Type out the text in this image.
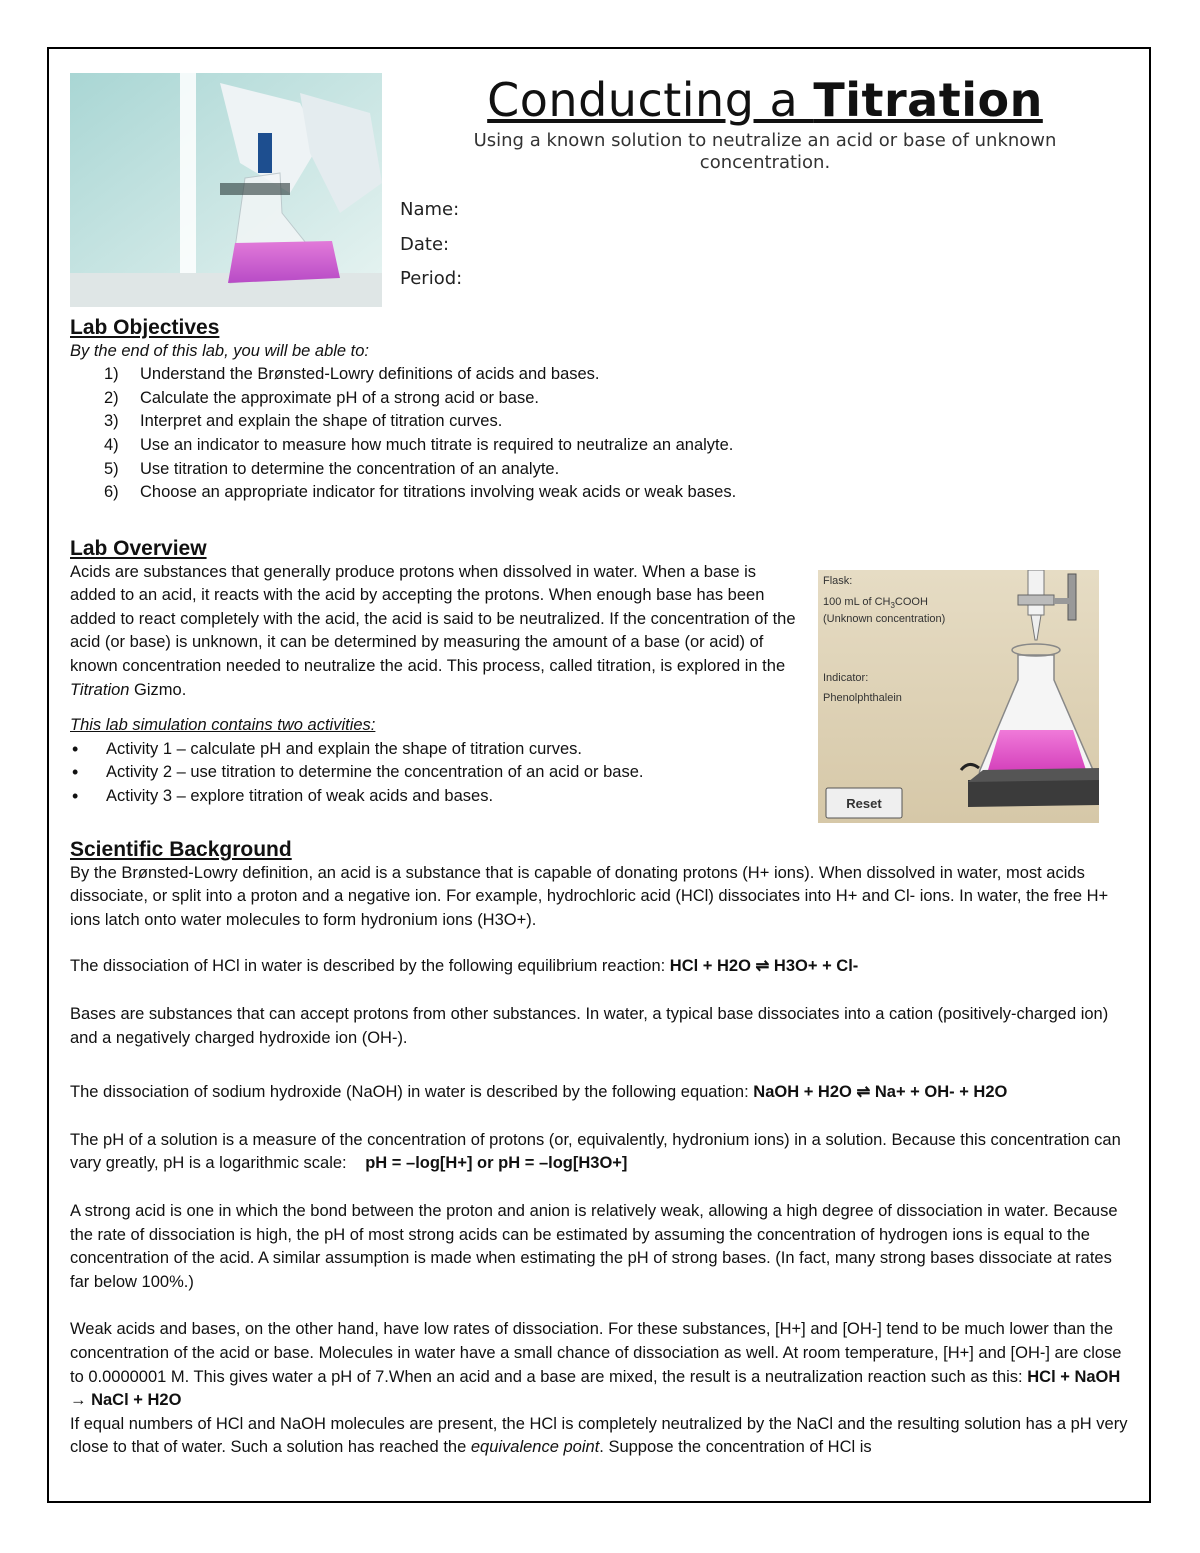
Conducting a Titration
Using a known solution to neutralize an acid or base of unknown concentration.
Name:
Date:
Period:
Lab Objectives

By the end of this lab, you will be able to:

1) Understand the Brønsted-Lowry definitions of acids and bases.
2) Calculate the approximate pH of a strong acid or base.
3) Interpret and explain the shape of titration curves.
4) Use an indicator to measure how much titrate is required to neutralize an analyte.
5) Use titration to determine the concentration of an analyte.
6) Choose an appropriate indicator for titrations involving weak acids or weak bases.
Lab Overview

Acids are substances that generally produce protons when dissolved in water. When a base is added to an acid, it reacts with the acid by accepting the protons. When enough base has been added to react completely with the acid, the acid is said to be neutralized. If the concentration of the acid (or base) is unknown, it can be determined by measuring the amount of a base (or acid) of known concentration needed to neutralize the acid. This process, called titration, is explored in the Titration Gizmo.

This lab simulation contains two activities:

• Activity 1 – calculate pH and explain the shape of titration curves.
• Activity 2 – use titration to determine the concentration of an acid or base.
• Activity 3 – explore titration of weak acids and bases.
Flask:
100 mL of $CH_3COOH$
(Unknown concentration)
Indicator:
Phenolphthalein
Reset
Scientific Background

By the Brønsted-Lowry definition, an acid is a substance that is capable of donating protons (H+ ions). When dissolved in water, most acids dissociate, or split into a proton and a negative ion. For example, hydrochloric acid (HCl) dissociates into H+ and Cl- ions. In water, the free H+ ions latch onto water molecules to form hydronium ions (H3O+).

The dissociation of HCl in water is described by the following equilibrium reaction: HCl + H2O ⇌ H3O+ + Cl-

Bases are substances that can accept protons from other substances. In water, a typical base dissociates into a cation (positively-charged ion) and a negatively charged hydroxide ion (OH-).

The dissociation of sodium hydroxide (NaOH) in water is described by the following equation: NaOH + H2O ⇌ Na+ + OH- + H2O

The pH of a solution is a measure of the concentration of protons (or, equivalently, hydronium ions) in a solution. Because this concentration can vary greatly, pH is a logarithmic scale: pH = –log[H+] or pH = –log[H3O+]

A strong acid is one in which the bond between the proton and anion is relatively weak, allowing a high degree of dissociation in water. Because the rate of dissociation is high, the pH of most strong acids can be estimated by assuming the concentration of hydrogen ions is equal to the concentration of the acid. A similar assumption is made when estimating the pH of strong bases. (In fact, many strong bases dissociate at rates far below 100%.)

Weak acids and bases, on the other hand, have low rates of dissociation. For these substances, [H+] and [OH-] tend to be much lower than the concentration of the acid or base. Molecules in water have a small chance of dissociation as well. At room temperature, [H+] and [OH-] are close to 0.0000001 M. This gives water a pH of 7.When an acid and a base are mixed, the result is a neutralization reaction such as this: HCl + NaOH → NaCl + H2O

If equal numbers of HCl and NaOH molecules are present, the HCl is completely neutralized by the NaCl and the resulting solution has a pH very close to that of water. Such a solution has reached the equivalence point. Suppose the concentration of HCl is
